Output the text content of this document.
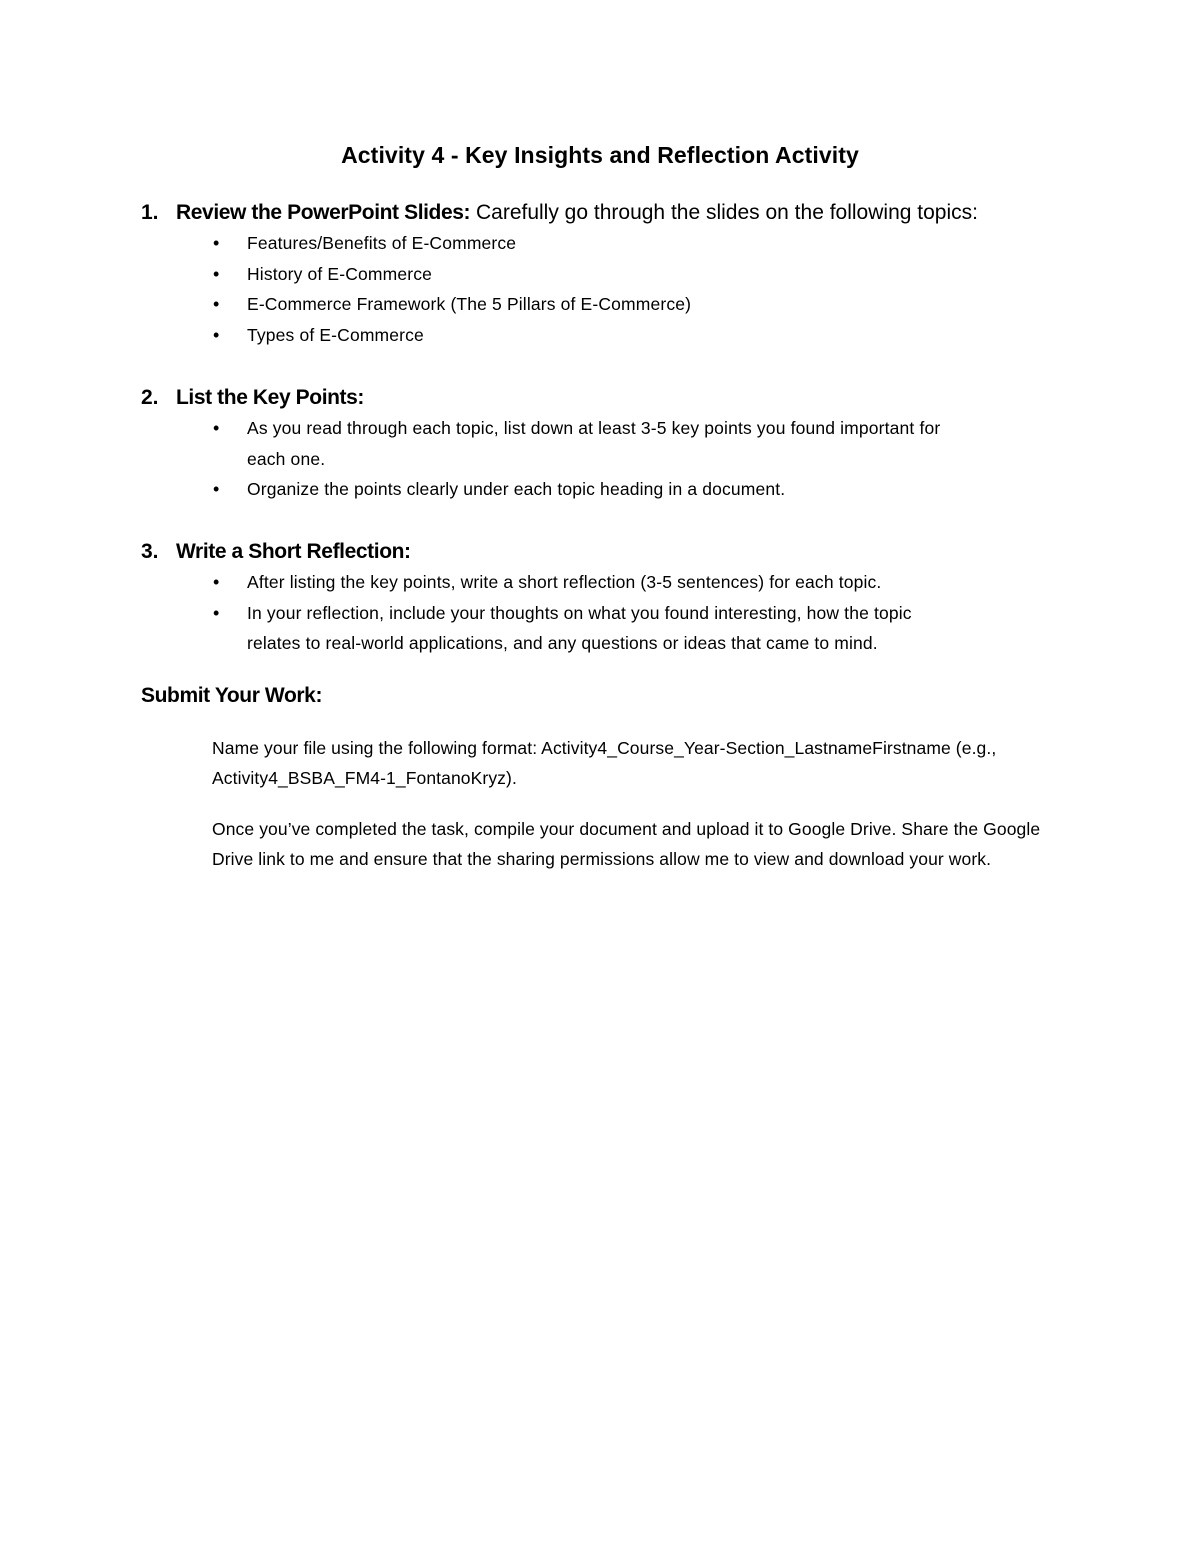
Activity 4 - Key Insights and Reflection Activity
1. Review the PowerPoint Slides: Carefully go through the slides on the following topics:
• Features/Benefits of E-Commerce
• History of E-Commerce
• E-Commerce Framework (The 5 Pillars of E-Commerce)
• Types of E-Commerce
2. List the Key Points:
• As you read through each topic, list down at least 3-5 key points you found important for each one.
• Organize the points clearly under each topic heading in a document.
3. Write a Short Reflection:
• After listing the key points, write a short reflection (3-5 sentences) for each topic.
• In your reflection, include your thoughts on what you found interesting, how the topic relates to real-world applications, and any questions or ideas that came to mind.
Submit Your Work:
Name your file using the following format: Activity4_Course_Year-Section_LastnameFirstname (e.g., Activity4_BSBA_FM4-1_FontanoKryz).
Once you’ve completed the task, compile your document and upload it to Google Drive. Share the Google Drive link to me and ensure that the sharing permissions allow me to view and download your work.
